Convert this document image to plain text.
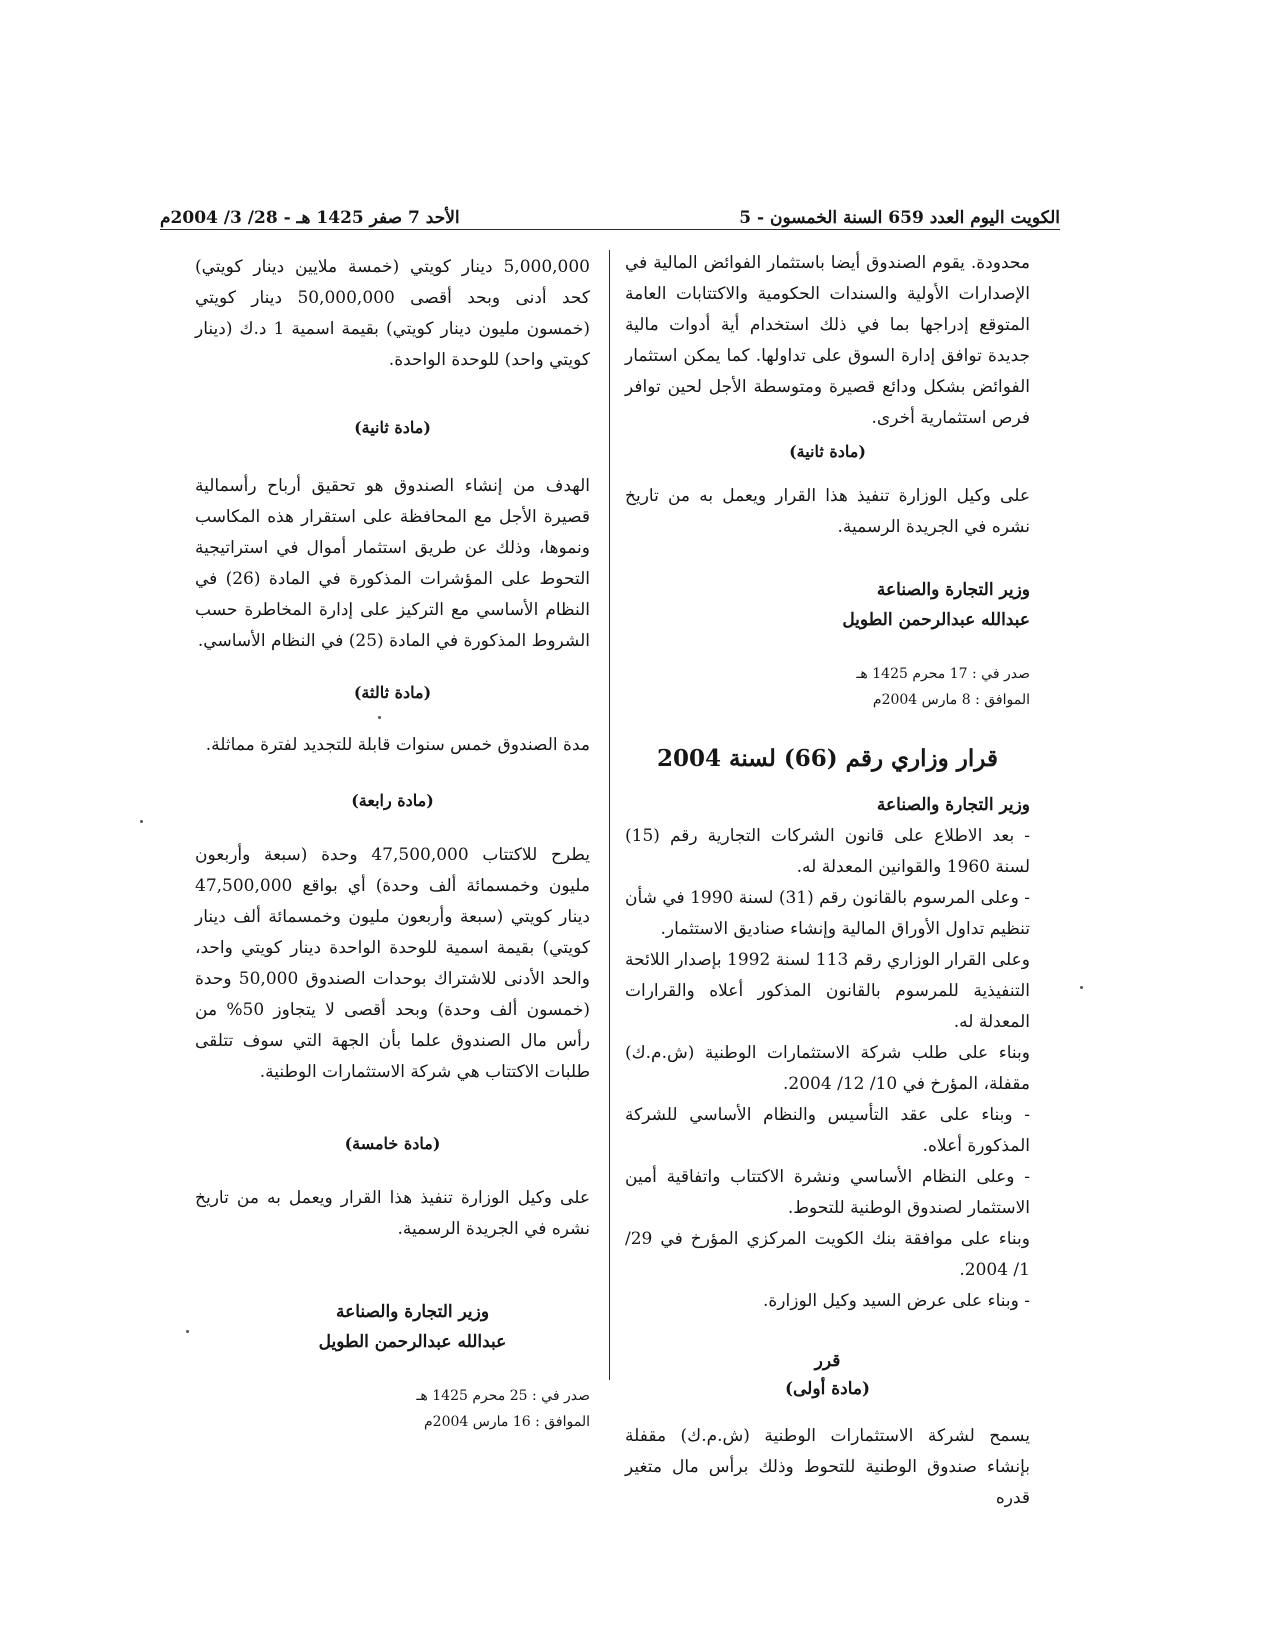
الكويت اليوم العدد 659 السنة الخمسون - 5
الأحد 7 صفر 1425 هـ - 28/ 3/ 2004م

محدودة. يقوم الصندوق أيضا باستثمار الفوائض المالية في الإصدارات الأولية والسندات الحكومية والاكتتابات العامة المتوقع إدراجها بما في ذلك استخدام أية أدوات مالية جديدة توافق إدارة السوق على تداولها. كما يمكن استثمار الفوائض بشكل ودائع قصيرة ومتوسطة الأجل لحين توافر فرص استثمارية أخرى.

(مادة ثانية)

على وكيل الوزارة تنفيذ هذا القرار ويعمل به من تاريخ نشره في الجريدة الرسمية.

وزير التجارة والصناعة

عبدالله عبدالرحمن الطويل

صدر في : 17 محرم 1425 هـ

الموافق : 8 مارس 2004م

قرار وزاري رقم (66) لسنة 2004

وزير التجارة والصناعة

- بعد الاطلاع على قانون الشركات التجارية رقم (15) لسنة 1960 والقوانين المعدلة له.

- وعلى المرسوم بالقانون رقم (31) لسنة 1990 في شأن تنظيم تداول الأوراق المالية وإنشاء صناديق الاستثمار.

وعلى القرار الوزاري رقم 113 لسنة 1992 بإصدار اللائحة التنفيذية للمرسوم بالقانون المذكور أعلاه والقرارات المعدلة له.

وبناء على طلب شركة الاستثمارات الوطنية (ش.م.ك) مقفلة، المؤرخ في 10/ 12/ 2004.

- وبناء على عقد التأسيس والنظام الأساسي للشركة المذكورة أعلاه.

- وعلى النظام الأساسي ونشرة الاكتتاب واتفاقية أمين الاستثمار لصندوق الوطنية للتحوط.

وبناء على موافقة بنك الكويت المركزي المؤرخ في 29/ 1/ 2004.

- وبناء على عرض السيد وكيل الوزارة.

قرر

(مادة أولى)

يسمح لشركة الاستثمارات الوطنية (ش.م.ك) مقفلة بإنشاء صندوق الوطنية للتحوط وذلك برأس مال متغير قدره

5,000,000 دينار كويتي (خمسة ملايين دينار كويتي) كحد أدنى وبحد أقصى 50,000,000 دينار كويتي (خمسون مليون دينار كويتي) بقيمة اسمية 1 د.ك (دينار كويتي واحد) للوحدة الواحدة.

(مادة ثانية)

الهدف من إنشاء الصندوق هو تحقيق أرباح رأسمالية قصيرة الأجل مع المحافظة على استقرار هذه المكاسب ونموها، وذلك عن طريق استثمار أموال في استراتيجية التحوط على المؤشرات المذكورة في المادة (26) في النظام الأساسي مع التركيز على إدارة المخاطرة حسب الشروط المذكورة في المادة (25) في النظام الأساسي.

(مادة ثالثة)

مدة الصندوق خمس سنوات قابلة للتجديد لفترة مماثلة.

(مادة رابعة)

يطرح للاكتتاب 47,500,000 وحدة (سبعة وأربعون مليون وخمسمائة ألف وحدة) أي بواقع 47,500,000 دينار كويتي (سبعة وأربعون مليون وخمسمائة ألف دينار كويتي) بقيمة اسمية للوحدة الواحدة دينار كويتي واحد، والحد الأدنى للاشتراك بوحدات الصندوق 50,000 وحدة (خمسون ألف وحدة) وبحد أقصى لا يتجاوز 50% من رأس مال الصندوق علما بأن الجهة التي سوف تتلقى طلبات الاكتتاب هي شركة الاستثمارات الوطنية.

(مادة خامسة)

على وكيل الوزارة تنفيذ هذا القرار ويعمل به من تاريخ نشره في الجريدة الرسمية.

وزير التجارة والصناعة

عبدالله عبدالرحمن الطويل

صدر في : 25 محرم 1425 هـ

الموافق : 16 مارس 2004م
